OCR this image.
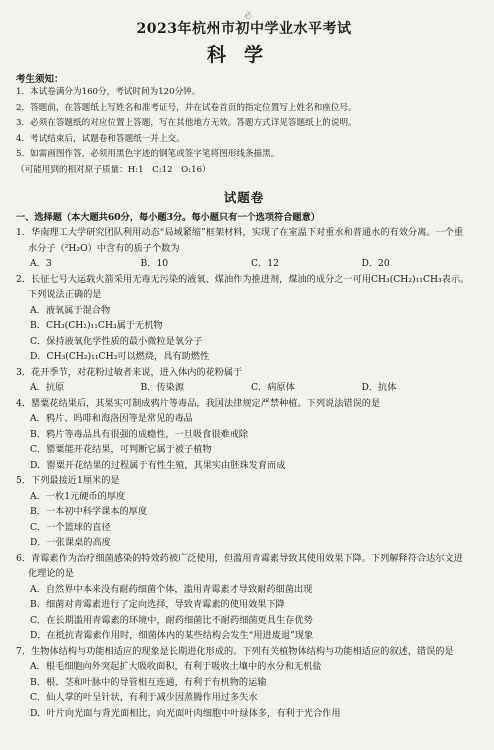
必
2023年杭州市初中学业水平考试
科学
考生须知：
1．本试卷满分为160分，考试时间为120分钟。
2．答题前，在答题纸上写姓名和准考证号，并在试卷首页的指定位置写上姓名和座位号。
3．必须在答题纸的对应位置上答题，写在其他地方无效。答题方式详见答题纸上的说明。
4．考试结束后，试题卷和答题纸一并上交。
5．如需画图作答，必须用黑色字迹的钢笔或签字笔将图形线条描黑。
（可能用到的相对原子质量：H:1　C:12　O:16）
试题卷
一、选择题（本大题共60分，每小题3分。每小题只有一个选项符合题意）
1．华南理工大学研究团队利用动态“局域紧缩”框架材料，实现了在室温下对重水和普通水的有效分离。一个重水分子（²H₂O）中含有的质子个数为
A．3	B．10	C．12	D．20
2．长征七号大运载火箭采用无毒无污染的液氧、煤油作为推进剂，煤油的成分之一可用CH₃(CH₂)₁₁CH₃表示。下列说法正确的是
A．液氧属于混合物
B．CH₃(CH₂)₁₁CH₃属于无机物
C．保持液氧化学性质的最小微粒是氧分子
D．CH₃(CH₂)₁₁CH₃可以燃烧，具有助燃性
3．花开季节，对花粉过敏者来说，进入体内的花粉属于
A．抗原	B．传染源	C．病原体	D．抗体
4．罂粟花结果后，其果实可制成鸦片等毒品，我国法律规定严禁种植。下列说法错误的是
A．鸦片、吗啡和海洛因等是常见的毒品
B．鸦片等毒品具有很强的成瘾性，一旦吸食很难戒除
C．罂粟能开花结果，可判断它属于被子植物
D．罂粟开花结果的过程属于有性生殖，其果实由胚珠发育而成
5．下列最接近1厘米的是
A．一枚1元硬币的厚度
B．一本初中科学课本的厚度
C．一个篮球的直径
D．一张课桌的高度
6．青霉素作为治疗细菌感染的特效药被广泛使用，但滥用青霉素导致其使用效果下降。下列解释符合达尔文进化理论的是
A．自然界中本来没有耐药细菌个体，滥用青霉素才导致耐药细菌出现
B．细菌对青霉素进行了定向选择，导致青霉素的使用效果下降
C．在长期滥用青霉素的环境中，耐药细菌比不耐药细菌更具生存优势
D．在抵抗青霉素作用时，细菌体内的某些结构会发生“用进废退”现象
7．生物体结构与功能相适应的现象是长期进化形成的。下列有关植物体结构与功能相适应的叙述，错误的是
A．根毛细胞向外突起扩大吸收面积，有利于吸收土壤中的水分和无机盐
B．根、茎和叶脉中的导管相互连通，有利于有机物的运输
C．仙人掌的叶呈针状，有利于减少因蒸腾作用过多失水
D．叶片向光面与背光面相比，向光面叶肉细胞中叶绿体多，有利于光合作用
